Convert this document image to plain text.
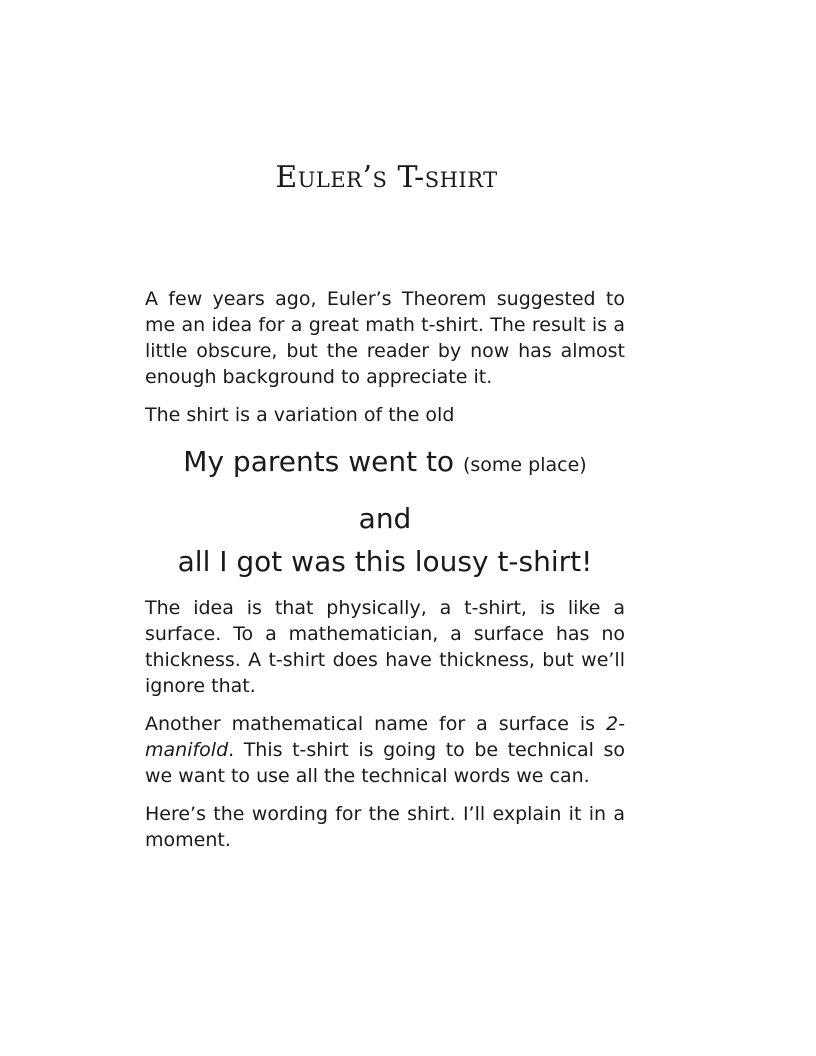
Euler’s T-shirt

A few years ago, Euler’s Theorem suggested to me an idea for a great math t-shirt. The result is a little obscure, but the reader by now has almost enough background to appreciate it.

The shirt is a variation of the old

My parents went to (some place)
and
all I got was this lousy t-shirt!

The idea is that physically, a t-shirt, is like a surface. To a mathematician, a surface has no thickness. A t-shirt does have thickness, but we’ll ignore that.

Another mathematical name for a surface is 2-manifold. This t-shirt is going to be technical so we want to use all the technical words we can.

Here’s the wording for the shirt. I’ll explain it in a moment.
